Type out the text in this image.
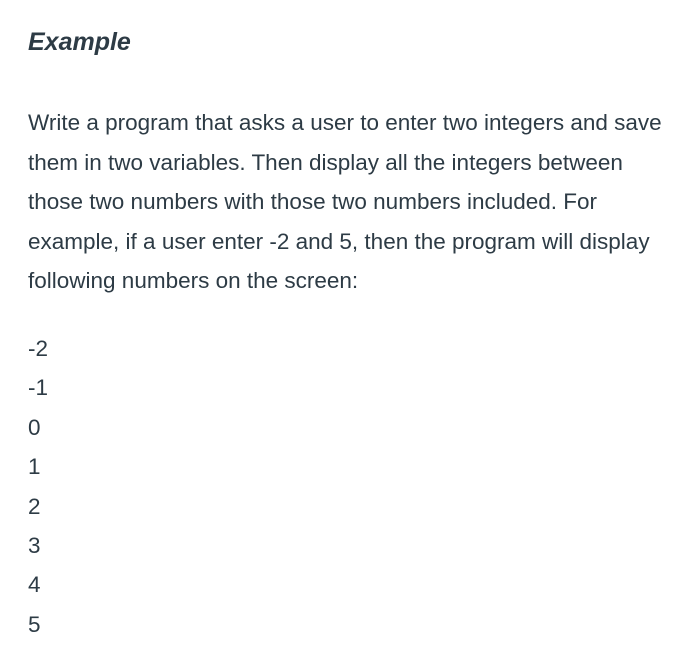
Example

Write a program that asks a user to enter two integers and save them in two variables. Then display all the integers between those two numbers with those two numbers included. For example, if a user enter -2 and 5, then the program will display following numbers on the screen:

-2
-1
0
1
2
3
4
5
